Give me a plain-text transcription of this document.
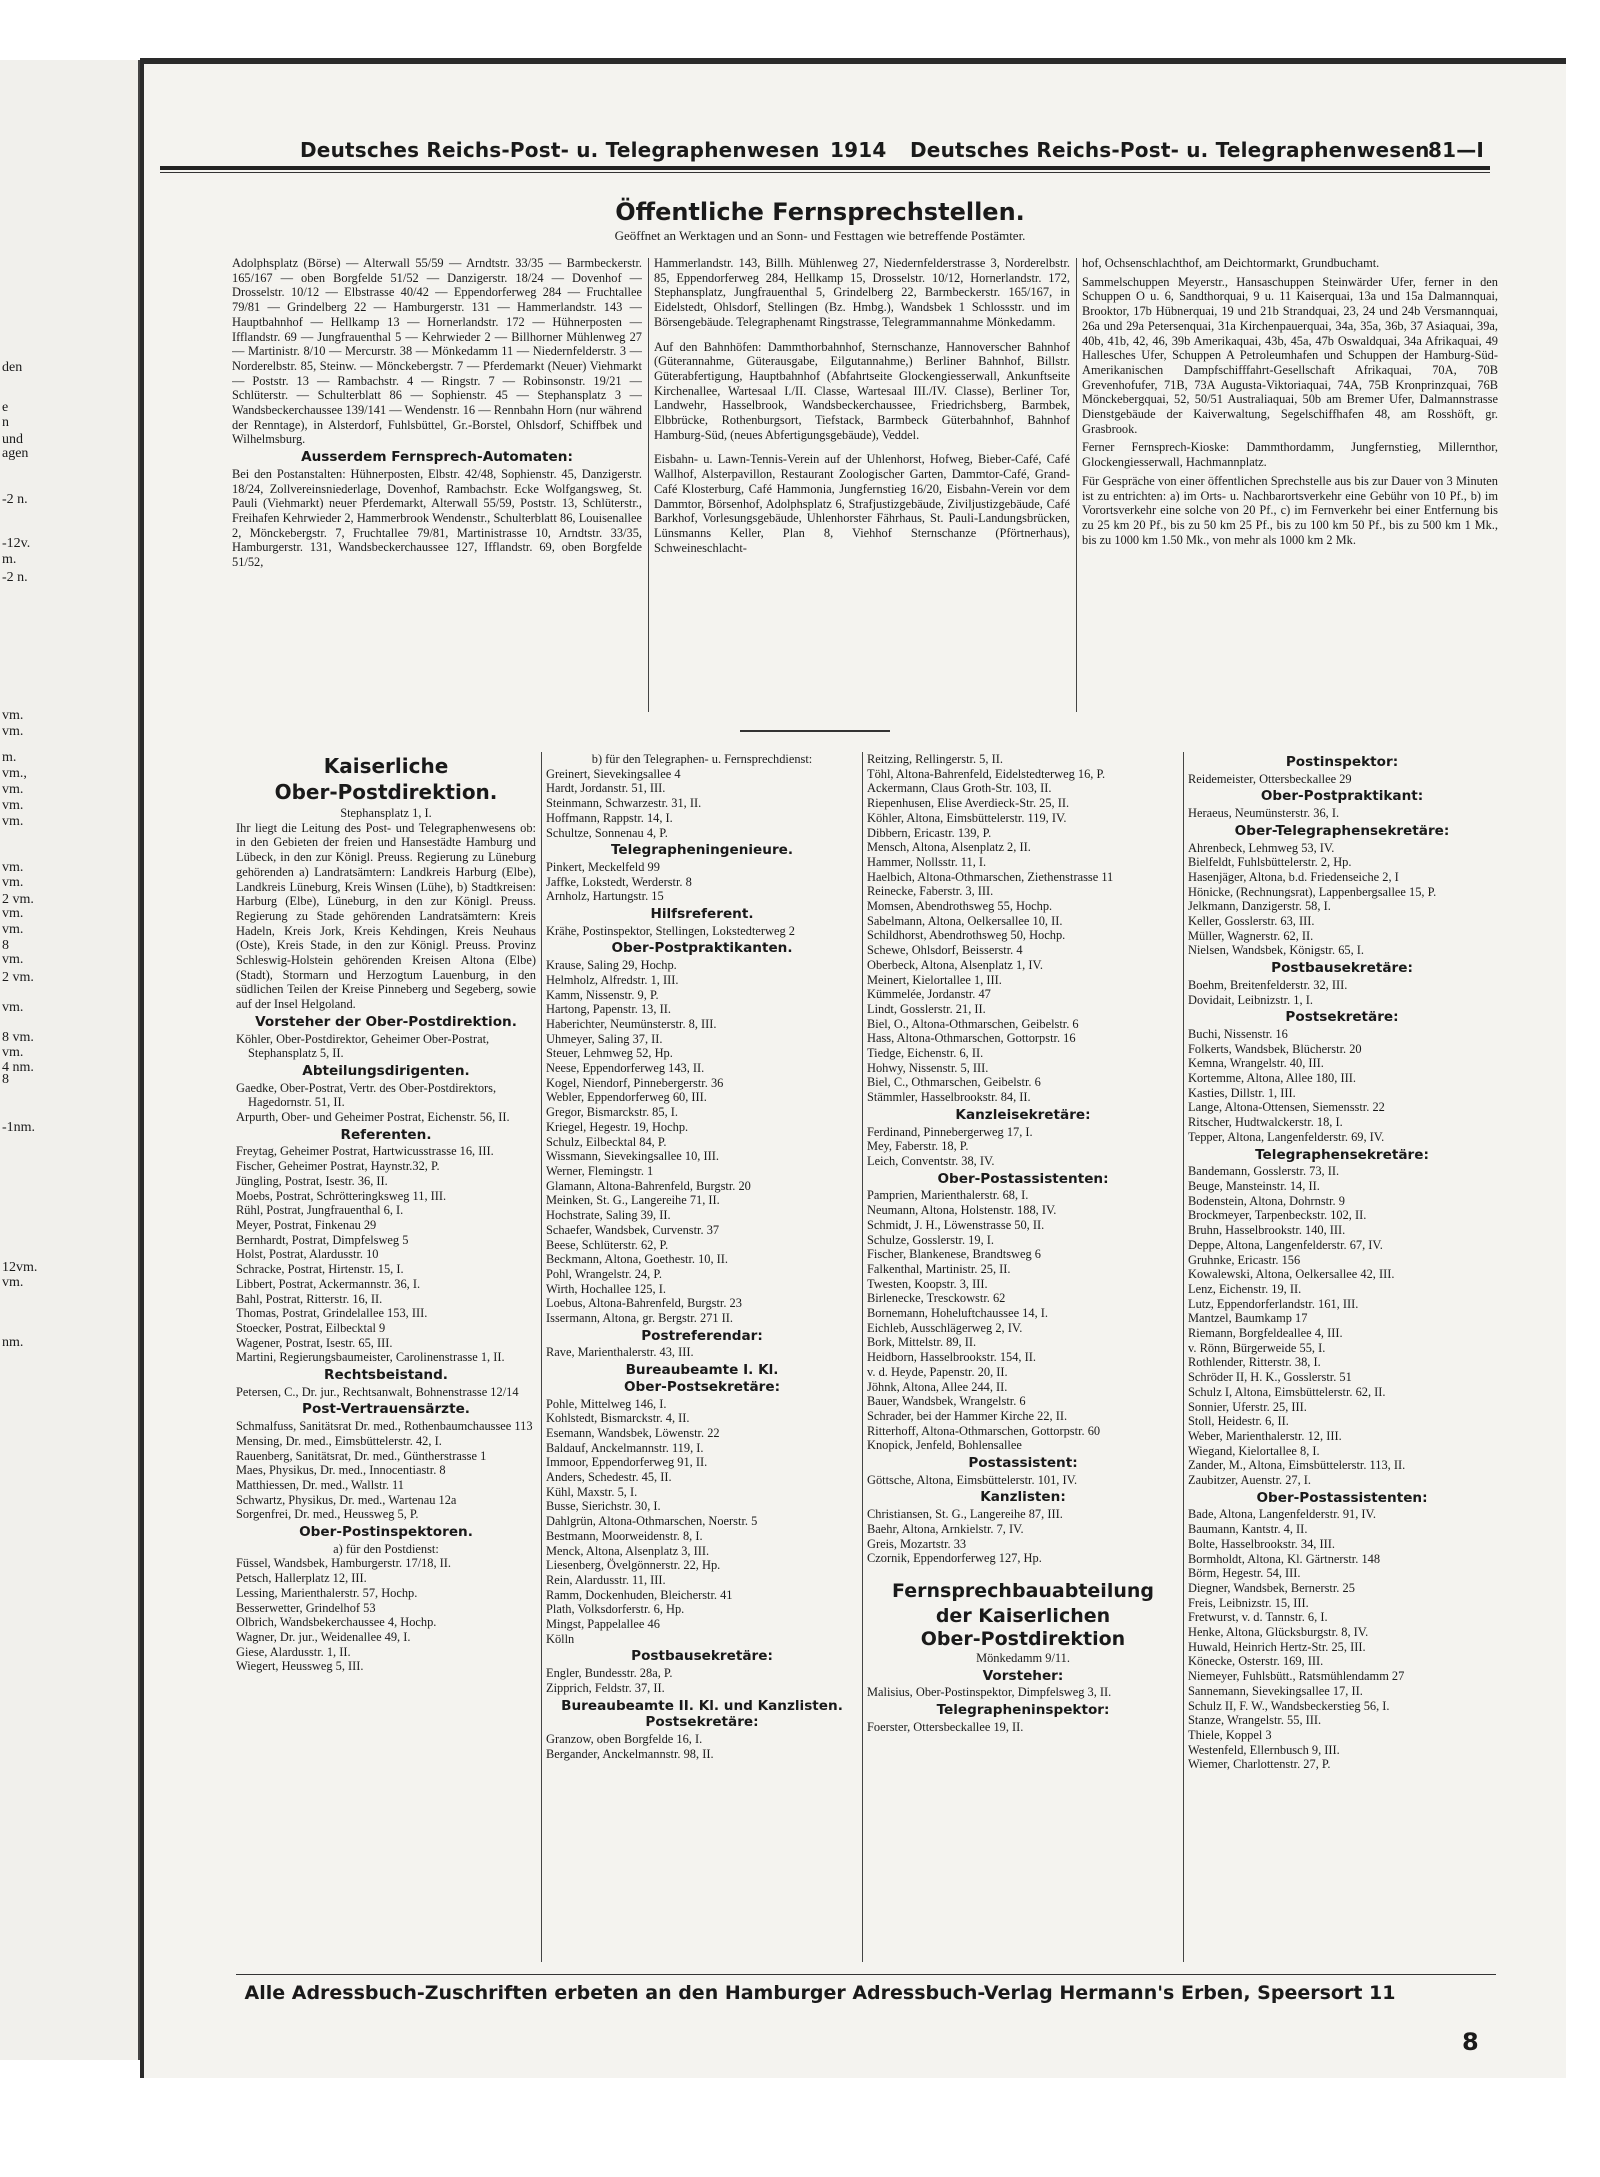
den
e
n
und
agen
-2 n.
-12v.
m.
-2 n.
vm.
vm.
m.
vm.,
vm.
vm.
vm.
vm.
vm.
2 vm.
vm.
vm.
8
vm.
2 vm.
vm.
8 vm.
vm.
4 nm.
8
-1nm.
12vm.
vm.
nm.
Deutsches Reichs-Post- u. Telegraphenwesen 1914 Deutsches Reichs-Post- u. Telegraphenwesen
81—I
Öffentliche Fernsprechstellen.
Geöffnet an Werktagen und an Sonn- und Festtagen wie betreffende Postämter.

Adolphsplatz (Börse) — Alterwall 55/59 — Arndtstr. 33/35 — Barmbeckerstr. 165/167 — oben Borgfelde 51/52 — Danzigerstr. 18/24 — Dovenhof — Drosselstr. 10/12 — Elbstrasse 40/42 — Eppendorferweg 284 — Fruchtallee 79/81 — Grindelberg 22 — Hamburgerstr. 131 — Hammerlandstr. 143 — Hauptbahnhof — Hellkamp 13 — Hornerlandstr. 172 — Hühnerposten — Ifflandstr. 69 — Jungfrauenthal 5 — Kehrwieder 2 — Billhorner Mühlenweg 27 — Martinistr. 8/10 — Mercurstr. 38 — Mönkedamm 11 — Niedernfelderstr. 3 — Norderelbstr. 85, Steinw. — Mönckebergstr. 7 — Pferdemarkt (Neuer) Viehmarkt — Poststr. 13 — Rambachstr. 4 — Ringstr. 7 — Robinsonstr. 19/21 — Schlüterstr. — Schulterblatt 86 — Sophienstr. 45 — Stephansplatz 3 — Wandsbeckerchaussee 139/141 — Wendenstr. 16 — Rennbahn Horn (nur während der Renntage), in Alsterdorf, Fuhlsbüttel, Gr.-Borstel, Ohlsdorf, Schiffbek und Wilhelmsburg.

Ausserdem Fernsprech-Automaten:

Bei den Postanstalten: Hühnerposten, Elbstr. 42/48, Sophienstr. 45, Danzigerstr. 18/24, Zollvereinsniederlage, Dovenhof, Rambachstr. Ecke Wolfgangsweg, St. Pauli (Viehmarkt) neuer Pferdemarkt, Alterwall 55/59, Poststr. 13, Schlüterstr., Freihafen Kehrwieder 2, Hammerbrook Wendenstr., Schulterblatt 86, Louisenallee 2, Mönckebergstr. 7, Fruchtallee 79/81, Martinistrasse 10, Arndtstr. 33/35, Hamburgerstr. 131, Wandsbeckerchaussee 127, Ifflandstr. 69, oben Borgfelde 51/52,

Hammerlandstr. 143, Billh. Mühlenweg 27, Niedernfelderstrasse 3, Norderelbstr. 85, Eppendorferweg 284, Hellkamp 15, Drosselstr. 10/12, Hornerlandstr. 172, Stephansplatz, Jungfrauenthal 5, Grindelberg 22, Barmbeckerstr. 165/167, in Eidelstedt, Ohlsdorf, Stellingen (Bz. Hmbg.), Wandsbek 1 Schlossstr. und im Börsengebäude. Telegraphenamt Ringstrasse, Telegrammannahme Mönkedamm.

Auf den Bahnhöfen: Dammthorbahnhof, Sternschanze, Hannoverscher Bahnhof (Güterannahme, Güterausgabe, Eilgutannahme,) Berliner Bahnhof, Billstr. Güterabfertigung, Hauptbahnhof (Abfahrtseite Glockengiesserwall, Ankunftseite Kirchenallee, Wartesaal I./II. Classe, Wartesaal III./IV. Classe), Berliner Tor, Landwehr, Hasselbrook, Wandsbeckerchaussee, Friedrichsberg, Barmbek, Elbbrücke, Rothenburgsort, Tiefstack, Barmbeck Güterbahnhof, Bahnhof Hamburg-Süd, (neues Abfertigungsgebäude), Veddel.

Eisbahn- u. Lawn-Tennis-Verein auf der Uhlenhorst, Hofweg, Bieber-Café, Café Wallhof, Alsterpavillon, Restaurant Zoologischer Garten, Dammtor-Café, Grand-Café Klosterburg, Café Hammonia, Jungfernstieg 16/20, Eisbahn-Verein vor dem Dammtor, Börsenhof, Adolphsplatz 6, Strafjustizgebäude, Ziviljustizgebäude, Café Barkhof, Vorlesungsgebäude, Uhlenhorster Fährhaus, St. Pauli-Landungsbrücken, Lünsmanns Keller, Plan 8, Viehhof Sternschanze (Pförtnerhaus), Schweineschlacht-

hof, Ochsenschlachthof, am Deichtormarkt, Grundbuchamt.

Sammelschuppen Meyerstr., Hansaschuppen Steinwärder Ufer, ferner in den Schuppen O u. 6, Sandthorquai, 9 u. 11 Kaiserquai, 13a und 15a Dalmannquai, Brooktor, 17b Hübnerquai, 19 und 21b Strandquai, 23, 24 und 24b Versmannquai, 26a und 29a Petersenquai, 31a Kirchenpauerquai, 34a, 35a, 36b, 37 Asiaquai, 39a, 40b, 41b, 42, 46, 39b Amerikaquai, 43b, 45a, 47b Oswaldquai, 34a Afrikaquai, 49 Hallesches Ufer, Schuppen A Petroleumhafen und Schuppen der Hamburg-Süd-Amerikanischen Dampfschifffahrt-Gesellschaft Afrikaquai, 70A, 70B Grevenhofufer, 71B, 73A Augusta-Viktoriaquai, 74A, 75B Kronprinzquai, 76B Mönckebergquai, 52, 50/51 Australiaquai, 50b am Bremer Ufer, Dalmannstrasse Dienstgebäude der Kaiverwaltung, Segelschiffhafen 48, am Rosshöft, gr. Grasbrook.

Ferner Fernsprech-Kioske: Dammthordamm, Jungfernstieg, Millernthor, Glockengiesserwall, Hachmannplatz.

Für Gespräche von einer öffentlichen Sprechstelle aus bis zur Dauer von 3 Minuten ist zu entrichten: a) im Orts- u. Nachbarortsverkehr eine Gebühr von 10 Pf., b) im Vorortsverkehr eine solche von 20 Pf., c) im Fernverkehr bei einer Entfernung bis zu 25 km 20 Pf., bis zu 50 km 25 Pf., bis zu 100 km 50 Pf., bis zu 500 km 1 Mk., bis zu 1000 km 1.50 Mk., von mehr als 1000 km 2 Mk.

Kaiserliche
Ober-Postdirektion.
Stephansplatz 1, I.

Ihr liegt die Leitung des Post- und Telegraphenwesens ob: in den Gebieten der freien und Hansestädte Hamburg und Lübeck, in den zur Königl. Preuss. Regierung zu Lüneburg gehörenden a) Landratsämtern: Landkreis Harburg (Elbe), Landkreis Lüneburg, Kreis Winsen (Lühe), b) Stadtkreisen: Harburg (Elbe), Lüneburg, in den zur Königl. Preuss. Regierung zu Stade gehörenden Landratsämtern: Kreis Hadeln, Kreis Jork, Kreis Kehdingen, Kreis Neuhaus (Oste), Kreis Stade, in den zur Königl. Preuss. Provinz Schleswig-Holstein gehörenden Kreisen Altona (Elbe) (Stadt), Stormarn und Herzogtum Lauenburg, in den südlichen Teilen der Kreise Pinneberg und Segeberg, sowie auf der Insel Helgoland.

Vorsteher der Ober-Postdirektion.
Köhler, Ober-Postdirektor, Geheimer Ober-Postrat, Stephansplatz 5, II.
Abteilungsdirigenten.
Gaedke, Ober-Postrat, Vertr. des Ober-Postdirektors, Hagedornstr. 51, II.
Arpurth, Ober- und Geheimer Postrat, Eichenstr. 56, II.
Referenten.
Freytag, Geheimer Postrat, Hartwicusstrasse 16, III.
Fischer, Geheimer Postrat, Haynstr.32, P.
Jüngling, Postrat, Isestr. 36, II.
Moebs, Postrat, Schrötteringksweg 11, III.
Rühl, Postrat, Jungfrauenthal 6, I.
Meyer, Postrat, Finkenau 29
Bernhardt, Postrat, Dimpfelsweg 5
Holst, Postrat, Alardusstr. 10
Schracke, Postrat, Hirtenstr. 15, I.
Libbert, Postrat, Ackermannstr. 36, I.
Bahl, Postrat, Ritterstr. 16, II.
Thomas, Postrat, Grindelallee 153, III.
Stoecker, Postrat, Eilbecktal 9
Wagener, Postrat, Isestr. 65, III.
Martini, Regierungsbaumeister, Carolinenstrasse 1, II.
Rechtsbeistand.
Petersen, C., Dr. jur., Rechtsanwalt, Bohnenstrasse 12/14
Post-Vertrauensärzte.
Schmalfuss, Sanitätsrat Dr. med., Rothenbaumchaussee 113
Mensing, Dr. med., Eimsbüttelerstr. 42, I.
Rauenberg, Sanitätsrat, Dr. med., Güntherstrasse 1
Maes, Physikus, Dr. med., Innocentiastr. 8
Matthiessen, Dr. med., Wallstr. 11
Schwartz, Physikus, Dr. med., Wartenau 12a
Sorgenfrei, Dr. med., Heussweg 5, P.
Ober-Postinspektoren.
a) für den Postdienst:
Füssel, Wandsbek, Hamburgerstr. 17/18, II.
Petsch, Hallerplatz 12, III.
Lessing, Marienthalerstr. 57, Hochp.
Besserwetter, Grindelhof 53
Olbrich, Wandsbekerchaussee 4, Hochp.
Wagner, Dr. jur., Weidenallee 49, I.
Giese, Alardusstr. 1, II.
Wiegert, Heussweg 5, III.
b) für den Telegraphen- u. Fernsprechdienst:
Greinert, Sievekingsallee 4
Hardt, Jordanstr. 51, III.
Steinmann, Schwarzestr. 31, II.
Hoffmann, Rappstr. 14, I.
Schultze, Sonnenau 4, P.
Telegrapheningenieure.
Pinkert, Meckelfeld 99
Jaffke, Lokstedt, Werderstr. 8
Arnholz, Hartungstr. 15
Hilfsreferent.
Krähe, Postinspektor, Stellingen, Lokstedterweg 2
Ober-Postpraktikanten.
Krause, Saling 29, Hochp.
Helmholz, Alfredstr. 1, III.
Kamm, Nissenstr. 9, P.
Hartong, Papenstr. 13, II.
Haberichter, Neumünsterstr. 8, III.
Uhmeyer, Saling 37, II.
Steuer, Lehmweg 52, Hp.
Neese, Eppendorferweg 143, II.
Kogel, Niendorf, Pinnebergerstr. 36
Webler, Eppendorferweg 60, III.
Gregor, Bismarckstr. 85, I.
Kriegel, Hegestr. 19, Hochp.
Schulz, Eilbecktal 84, P.
Wissmann, Sievekingsallee 10, III.
Werner, Flemingstr. 1
Glamann, Altona-Bahrenfeld, Burgstr. 20
Meinken, St. G., Langereihe 71, II.
Hochstrate, Saling 39, II.
Schaefer, Wandsbek, Curvenstr. 37
Beese, Schlüterstr. 62, P.
Beckmann, Altona, Goethestr. 10, II.
Pohl, Wrangelstr. 24, P.
Wirth, Hochallee 125, I.
Loebus, Altona-Bahrenfeld, Burgstr. 23
Issermann, Altona, gr. Bergstr. 271 II.
Postreferendar:
Rave, Marienthalerstr. 43, III.
Bureaubeamte I. Kl.
Ober-Postsekretäre:
Pohle, Mittelweg 146, I.
Kohlstedt, Bismarckstr. 4, II.
Esemann, Wandsbek, Löwenstr. 22
Baldauf, Anckelmannstr. 119, I.
Immoor, Eppendorferweg 91, II.
Anders, Schedestr. 45, II.
Kühl, Maxstr. 5, I.
Busse, Sierichstr. 30, I.
Dahlgrün, Altona-Othmarschen, Noerstr. 5
Bestmann, Moorweidenstr. 8, I.
Menck, Altona, Alsenplatz 3, III.
Liesenberg, Övelgönnerstr. 22, Hp.
Rein, Alardusstr. 11, III.
Ramm, Dockenhuden, Bleicherstr. 41
Plath, Volksdorferstr. 6, Hp.
Mingst, Pappelallee 46
Kölln
Postbausekretäre:
Engler, Bundesstr. 28a, P.
Zipprich, Feldstr. 37, II.
Bureaubeamte II. Kl. und Kanzlisten.
Postsekretäre:
Granzow, oben Borgfelde 16, I.
Bergander, Anckelmannstr. 98, II.
Reitzing, Rellingerstr. 5, II.
Töhl, Altona-Bahrenfeld, Eidelstedterweg 16, P.
Ackermann, Claus Groth-Str. 103, II.
Riepenhusen, Elise Averdieck-Str. 25, II.
Köhler, Altona, Eimsbüttelerstr. 119, IV.
Dibbern, Ericastr. 139, P.
Mensch, Altona, Alsenplatz 2, II.
Hammer, Nollsstr. 11, I.
Haelbich, Altona-Othmarschen, Ziethenstrasse 11
Reinecke, Faberstr. 3, III.
Momsen, Abendrothsweg 55, Hochp.
Sabelmann, Altona, Oelkersallee 10, II.
Schildhorst, Abendrothsweg 50, Hochp.
Schewe, Ohlsdorf, Beisserstr. 4
Oberbeck, Altona, Alsenplatz 1, IV.
Meinert, Kielortallee 1, III.
Kümmelée, Jordanstr. 47
Lindt, Gosslerstr. 21, II.
Biel, O., Altona-Othmarschen, Geibelstr. 6
Hass, Altona-Othmarschen, Gottorpstr. 16
Tiedge, Eichenstr. 6, II.
Hohwy, Nissenstr. 5, III.
Biel, C., Othmarschen, Geibelstr. 6
Stämmler, Hasselbrookstr. 84, II.
Kanzleisekretäre:
Ferdinand, Pinnebergerweg 17, I.
Mey, Faberstr. 18, P.
Leich, Conventstr. 38, IV.
Ober-Postassistenten:
Pamprien, Marienthalerstr. 68, I.
Neumann, Altona, Holstenstr. 188, IV.
Schmidt, J. H., Löwenstrasse 50, II.
Schulze, Gosslerstr. 19, I.
Fischer, Blankenese, Brandtsweg 6
Falkenthal, Martinistr. 25, II.
Twesten, Koopstr. 3, III.
Birlenecke, Tresckowstr. 62
Bornemann, Hoheluftchaussee 14, I.
Eichleb, Ausschlägerweg 2, IV.
Bork, Mittelstr. 89, II.
Heidborn, Hasselbrookstr. 154, II.
v. d. Heyde, Papenstr. 20, II.
Jöhnk, Altona, Allee 244, II.
Bauer, Wandsbek, Wrangelstr. 6
Schrader, bei der Hammer Kirche 22, II.
Ritterhoff, Altona-Othmarschen, Gottorpstr. 60
Knopick, Jenfeld, Bohlensallee
Postassistent:
Göttsche, Altona, Eimsbüttelerstr. 101, IV.
Kanzlisten:
Christiansen, St. G., Langereihe 87, III.
Baehr, Altona, Arnkielstr. 7, IV.
Greis, Mozartstr. 33
Czornik, Eppendorferweg 127, Hp.
Fernsprechbauabteilung
der Kaiserlichen
Ober-Postdirektion
Mönkedamm 9/11.
Vorsteher:
Malisius, Ober-Postinspektor, Dimpfelsweg 3, II.
Telegrapheninspektor:
Foerster, Ottersbeckallee 19, II.
Postinspektor:
Reidemeister, Ottersbeckallee 29
Ober-Postpraktikant:
Heraeus, Neumünsterstr. 36, I.
Ober-Telegraphensekretäre:
Ahrenbeck, Lehmweg 53, IV.
Bielfeldt, Fuhlsbüttelerstr. 2, Hp.
Hasenjäger, Altona, b.d. Friedenseiche 2, I
Hönicke, (Rechnungsrat), Lappenbergsallee 15, P.
Jelkmann, Danzigerstr. 58, I.
Keller, Gosslerstr. 63, III.
Müller, Wagnerstr. 62, II.
Nielsen, Wandsbek, Königstr. 65, I.
Postbausekretäre:
Boehm, Breitenfelderstr. 32, III.
Dovidait, Leibnizstr. 1, I.
Postsekretäre:
Buchi, Nissenstr. 16
Folkerts, Wandsbek, Blücherstr. 20
Kemna, Wrangelstr. 40, III.
Kortemme, Altona, Allee 180, III.
Kasties, Dillstr. 1, III.
Lange, Altona-Ottensen, Siemensstr. 22
Ritscher, Hudtwalckerstr. 18, I.
Tepper, Altona, Langenfelderstr. 69, IV.
Telegraphensekretäre:
Bandemann, Gosslerstr. 73, II.
Beuge, Mansteinstr. 14, II.
Bodenstein, Altona, Dohrnstr. 9
Brockmeyer, Tarpenbeckstr. 102, II.
Bruhn, Hasselbrookstr. 140, III.
Deppe, Altona, Langenfelderstr. 67, IV.
Gruhnke, Ericastr. 156
Kowalewski, Altona, Oelkersallee 42, III.
Lenz, Eichenstr. 19, II.
Lutz, Eppendorferlandstr. 161, III.
Mantzel, Baumkamp 17
Riemann, Borgfeldeallee 4, III.
v. Rönn, Bürgerweide 55, I.
Rothlender, Ritterstr. 38, I.
Schröder II, H. K., Gosslerstr. 51
Schulz I, Altona, Eimsbüttelerstr. 62, II.
Sonnier, Uferstr. 25, III.
Stoll, Heidestr. 6, II.
Weber, Marienthalerstr. 12, III.
Wiegand, Kielortallee 8, I.
Zander, M., Altona, Eimsbüttelerstr. 113, II.
Zaubitzer, Auenstr. 27, I.
Ober-Postassistenten:
Bade, Altona, Langenfelderstr. 91, IV.
Baumann, Kantstr. 4, II.
Bolte, Hasselbrookstr. 34, III.
Bormholdt, Altona, Kl. Gärtnerstr. 148
Börm, Hegestr. 54, III.
Diegner, Wandsbek, Bernerstr. 25
Freis, Leibnizstr. 15, III.
Fretwurst, v. d. Tannstr. 6, I.
Henke, Altona, Glücksburgstr. 8, IV.
Huwald, Heinrich Hertz-Str. 25, III.
Könecke, Osterstr. 169, III.
Niemeyer, Fuhlsbütt., Ratsmühlendamm 27
Sannemann, Sievekingsallee 17, II.
Schulz II, F. W., Wandsbeckerstieg 56, I.
Stanze, Wrangelstr. 55, III.
Thiele, Koppel 3
Westenfeld, Ellernbusch 9, III.
Wiemer, Charlottenstr. 27, P.
Alle Adressbuch-Zuschriften erbeten an den Hamburger Adressbuch-Verlag Hermann's Erben, Speersort 11
8
